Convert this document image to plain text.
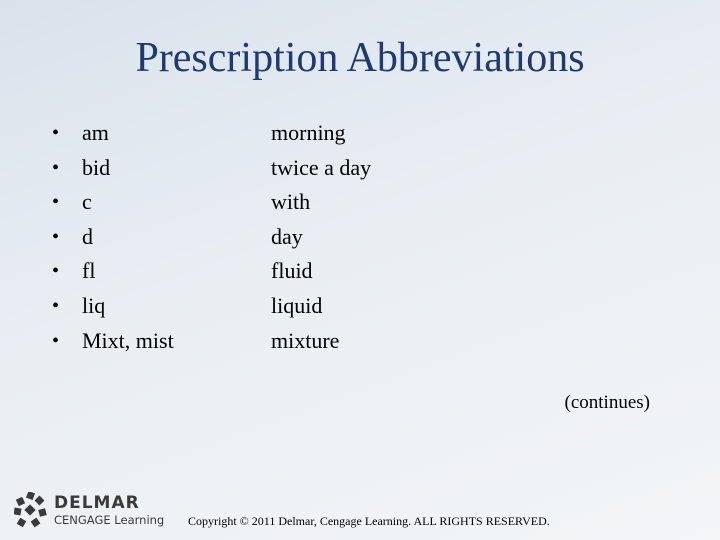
Prescription Abbreviations
•	am	morning
•	bid	twice a day
•	c	with
•	d	day
•	fl	fluid
•	liq	liquid
•	Mixt, mist	mixture
(continues)
DELMAR
CENGAGE Learning Copyright © 2011 Delmar, Cengage Learning. ALL RIGHTS RESERVED.
